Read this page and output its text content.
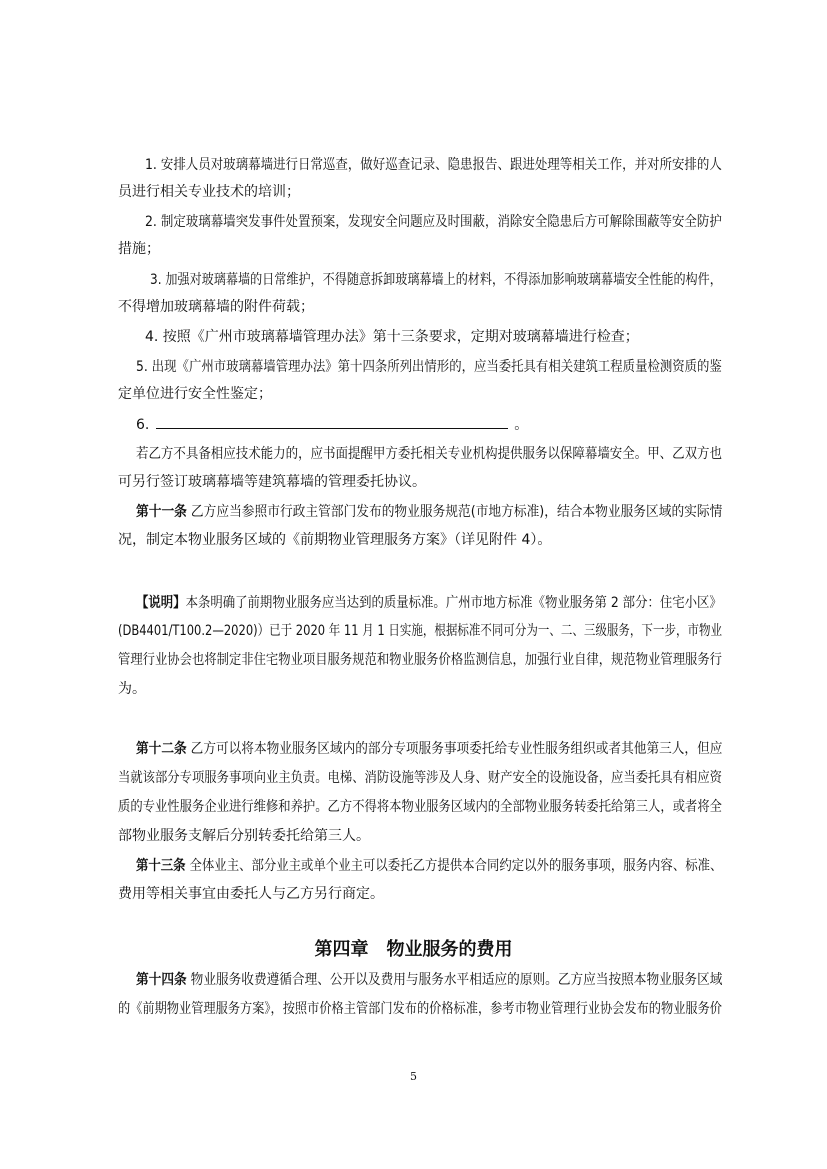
1. 安排人员对玻璃幕墙进行日常巡查，做好巡查记录、隐患报告、跟进处理等相关工作，并对所安排的人
员进行相关专业技术的培训；
2. 制定玻璃幕墙突发事件处置预案，发现安全问题应及时围蔽，消除安全隐患后方可解除围蔽等安全防护
措施；
3. 加强对玻璃幕墙的日常维护，不得随意拆卸玻璃幕墙上的材料，不得添加影响玻璃幕墙安全性能的构件，
不得增加玻璃幕墙的附件荷载；
4. 按照《广州市玻璃幕墙管理办法》第十三条要求，定期对玻璃幕墙进行检查；
5. 出现《广州市玻璃幕墙管理办法》第十四条所列出情形的，应当委托具有相关建筑工程质量检测资质的鉴
定单位进行安全性鉴定；
6.	。
若乙方不具备相应技术能力的，应书面提醒甲方委托相关专业机构提供服务以保障幕墙安全。甲、乙双方也
可另行签订玻璃幕墙等建筑幕墙的管理委托协议。
第十一条 乙方应当参照市行政主管部门发布的物业服务规范(市地方标准)，结合本物业服务区域的实际情
况，制定本物业服务区域的《前期物业管理服务方案》（详见附件 4）。
【说明】本条明确了前期物业服务应当达到的质量标准。广州市地方标准《物业服务第 2 部分：住宅小区》
(DB4401/T100.2—2020)）已于 2020 年 11 月 1 日实施，根据标准不同可分为一、二、三级服务，下一步，市物业
管理行业协会也将制定非住宅物业项目服务规范和物业服务价格监测信息，加强行业自律，规范物业管理服务行
为。
第十二条 乙方可以将本物业服务区域内的部分专项服务事项委托给专业性服务组织或者其他第三人，但应
当就该部分专项服务事项向业主负责。电梯、消防设施等涉及人身、财产安全的设施设备，应当委托具有相应资
质的专业性服务企业进行维修和养护。乙方不得将本物业服务区域内的全部物业服务转委托给第三人，或者将全
部物业服务支解后分别转委托给第三人。
第十三条 全体业主、部分业主或单个业主可以委托乙方提供本合同约定以外的服务事项，服务内容、标准、
费用等相关事宜由委托人与乙方另行商定。
第四章　物业服务的费用
第十四条 物业服务收费遵循合理、公开以及费用与服务水平相适应的原则。乙方应当按照本物业服务区域
的《前期物业管理服务方案》，按照市价格主管部门发布的价格标准，参考市物业管理行业协会发布的物业服务价
5
